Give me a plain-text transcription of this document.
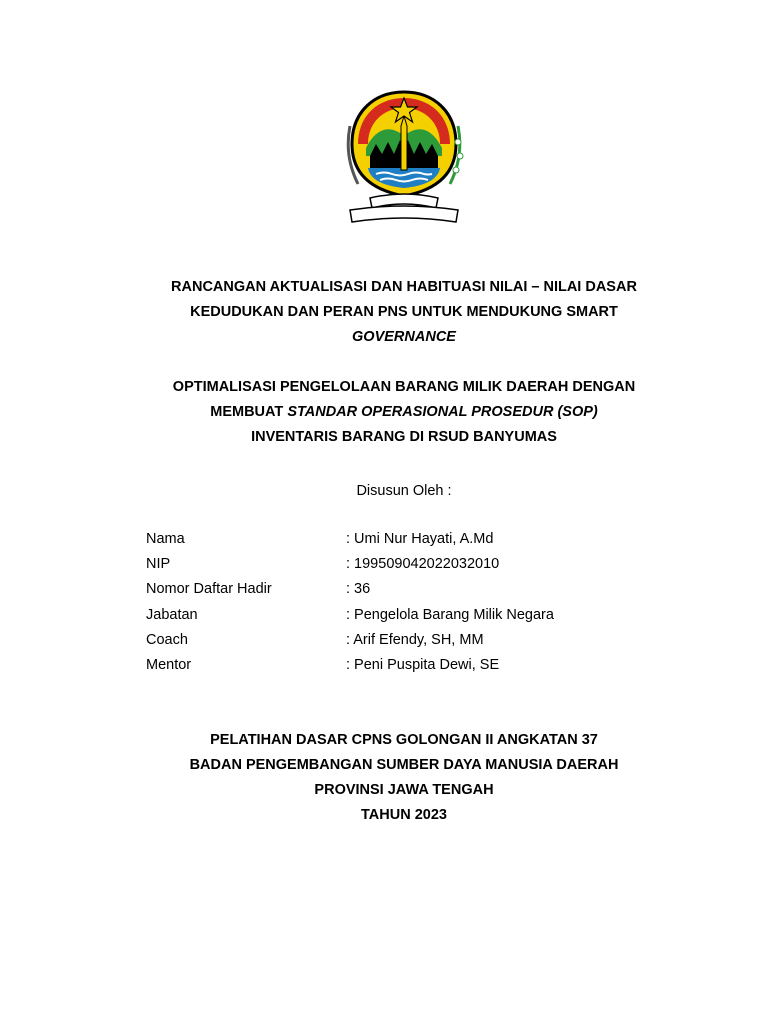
RANCANGAN AKTUALISASI DAN HABITUASI NILAI – NILAI DASAR
KEDUDUKAN DAN PERAN PNS UNTUK MENDUKUNG SMART
GOVERNANCE
OPTIMALISASI PENGELOLAAN BARANG MILIK DAERAH DENGAN
MEMBUAT STANDAR OPERASIONAL PROSEDUR (SOP)
INVENTARIS BARANG DI RSUD BANYUMAS
Disusun Oleh :
Nama	: Umi Nur Hayati, A.Md
NIP	: 199509042022032010
Nomor Daftar Hadir	: 36
Jabatan	: Pengelola Barang Milik Negara
Coach	: Arif Efendy, SH, MM
Mentor	: Peni Puspita Dewi, SE
PELATIHAN DASAR CPNS GOLONGAN II ANGKATAN 37
BADAN PENGEMBANGAN SUMBER DAYA MANUSIA DAERAH
PROVINSI JAWA TENGAH
TAHUN 2023
